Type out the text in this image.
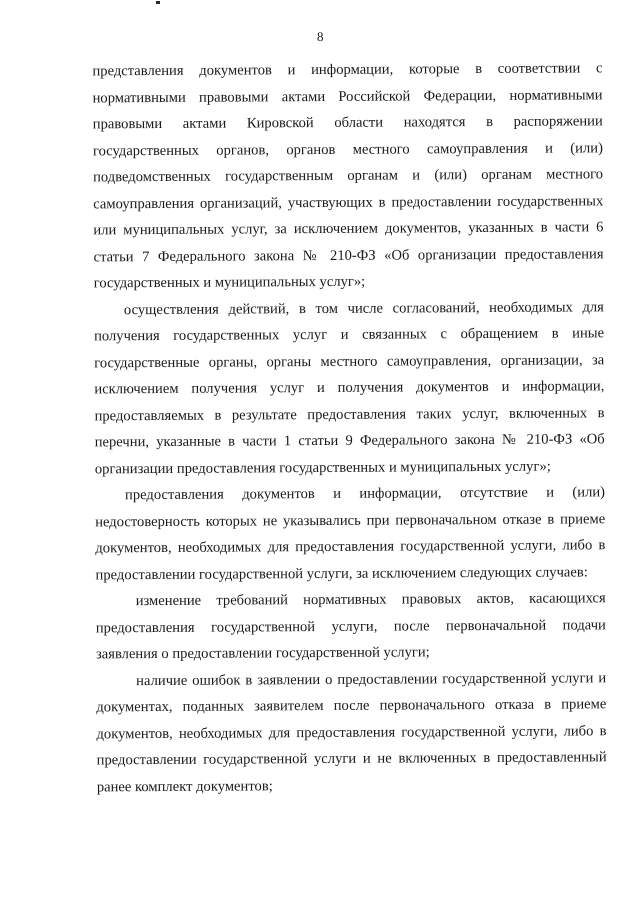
8

представления документов и информации, которые в соответствии с нормативными правовыми актами Российской Федерации, нормативными правовыми актами Кировской области находятся в распоряжении государственных органов, органов местного самоуправления и (или) подведомственных государственным органам и (или) органам местного самоуправления организаций, участвующих в предоставлении государственных или муниципальных услуг, за исключением документов, указанных в части 6 статьи 7 Федерального закона № 210-ФЗ «Об организации предоставления государственных и муниципальных услуг»;

осуществления действий, в том числе согласований, необходимых для получения государственных услуг и связанных с обращением в иные государственные органы, органы местного самоуправления, организации, за исключением получения услуг и получения документов и информации, предоставляемых в результате предоставления таких услуг, включенных в перечни, указанные в части 1 статьи 9 Федерального закона № 210-ФЗ «Об организации предоставления государственных и муниципальных услуг»;

предоставления документов и информации, отсутствие и (или) недостоверность которых не указывались при первоначальном отказе в приеме документов, необходимых для предоставления государственной услуги, либо в предоставлении государственной услуги, за исключением следующих случаев:

изменение требований нормативных правовых актов, касающихся предоставления государственной услуги, после первоначальной подачи заявления о предоставлении государственной услуги;

наличие ошибок в заявлении о предоставлении государственной услуги и документах, поданных заявителем после первоначального отказа в приеме документов, необходимых для предоставления государственной услуги, либо в предоставлении государственной услуги и не включенных в предоставленный ранее комплект документов;
